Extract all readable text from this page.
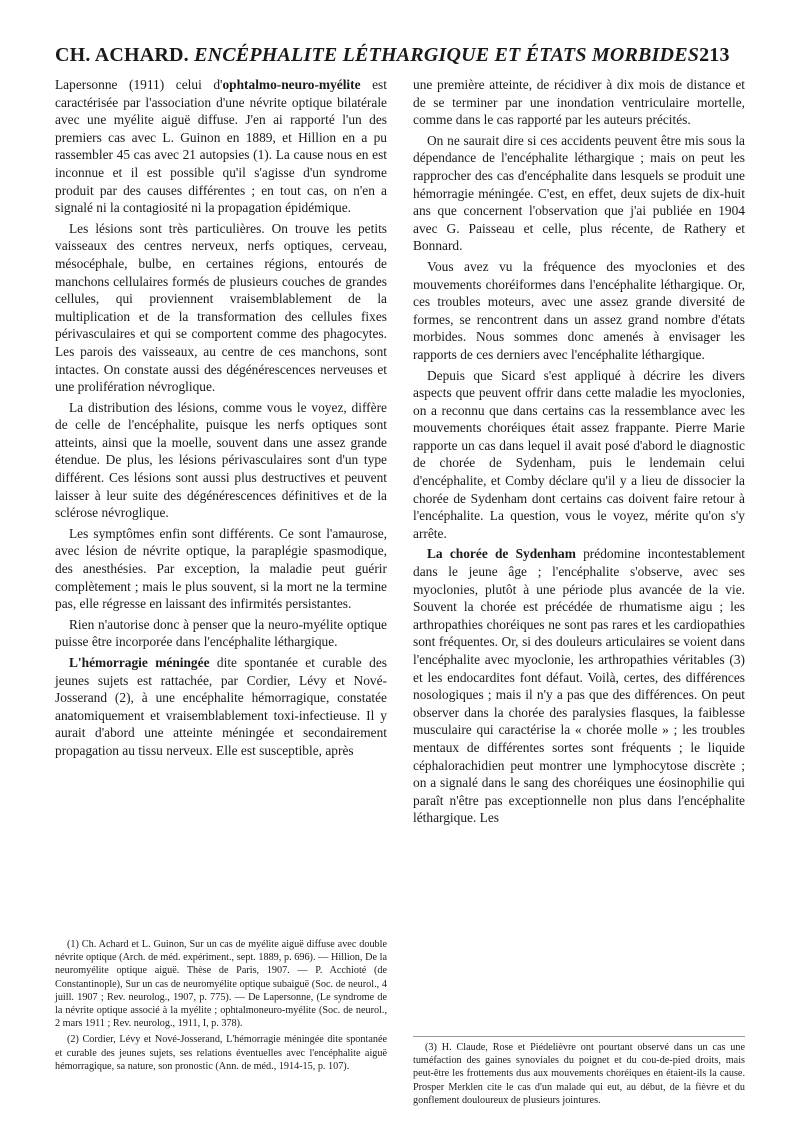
CH. ACHARD. ENCÉPHALITE LÉTHARGIQUE ET ÉTATS MORBIDES213

Lapersonne (1911) celui d'ophtalmo-neuro-myélite est caractérisée par l'association d'une névrite optique bilatérale avec une myélite aiguë diffuse. J'en ai rapporté l'un des premiers cas avec L. Guinon en 1889, et Hillion en a pu rassembler 45 cas avec 21 autopsies (1). La cause nous en est inconnue et il est possible qu'il s'agisse d'un syndrome produit par des causes différentes ; en tout cas, on n'en a signalé ni la contagiosité ni la propagation épidémique.

Les lésions sont très particulières. On trouve les petits vaisseaux des centres nerveux, nerfs optiques, cerveau, mésocéphale, bulbe, en certaines régions, entourés de manchons cellulaires formés de plusieurs couches de grandes cellules, qui proviennent vraisemblablement de la multiplication et de la transformation des cellules fixes périvasculaires et qui se comportent comme des phagocytes. Les parois des vaisseaux, au centre de ces manchons, sont intactes. On constate aussi des dégénérescences nerveuses et une prolifération névroglique.

La distribution des lésions, comme vous le voyez, diffère de celle de l'encéphalite, puisque les nerfs optiques sont atteints, ainsi que la moelle, souvent dans une assez grande étendue. De plus, les lésions périvasculaires sont d'un type différent. Ces lésions sont aussi plus destructives et peuvent laisser à leur suite des dégénérescences définitives et de la sclérose névroglique.

Les symptômes enfin sont différents. Ce sont l'amaurose, avec lésion de névrite optique, la paraplégie spasmodique, des anesthésies. Par exception, la maladie peut guérir complètement ; mais le plus souvent, si la mort ne la termine pas, elle régresse en laissant des infirmités persistantes.

Rien n'autorise donc à penser que la neuro-myélite optique puisse être incorporée dans l'encéphalite léthargique.

L'hémorragie méningée dite spontanée et curable des jeunes sujets est rattachée, par Cordier, Lévy et Nové-Josserand (2), à une encéphalite hémorragique, constatée anatomiquement et vraisemblablement toxi-infectieuse. Il y aurait d'abord une atteinte méningée et secondairement propagation au tissu nerveux. Elle est susceptible, après

(1) Ch. Achard et L. Guinon, Sur un cas de myélite aiguë diffuse avec double névrite optique (Arch. de méd. expériment., sept. 1889, p. 696). — Hillion, De la neuromyélite optique aiguë. Thèse de Paris, 1907. — P. Acchioté (de Constantinople), Sur un cas de neuromyélite optique subaiguë (Soc. de neurol., 4 juill. 1907 ; Rev. neurolog., 1907, p. 775). — De Lapersonne, (Le syndrome de la névrite optique associé à la myélite ; ophtalmoneuro-myélite (Soc. de neurol., 2 mars 1911 ; Rev. neurolog., 1911, I, p. 378).

(2) Cordier, Lévy et Nové-Josserand, L'hémorragie méningée dite spontanée et curable des jeunes sujets, ses relations éventuelles avec l'encéphalite aiguë hémorragique, sa nature, son pronostic (Ann. de méd., 1914-15, p. 107).

une première atteinte, de récidiver à dix mois de distance et de se terminer par une inondation ventriculaire mortelle, comme dans le cas rapporté par les auteurs précités.

On ne saurait dire si ces accidents peuvent être mis sous la dépendance de l'encéphalite léthargique ; mais on peut les rapprocher des cas d'encéphalite dans lesquels se produit une hémorragie méningée. C'est, en effet, deux sujets de dix-huit ans que concernent l'observation que j'ai publiée en 1904 avec G. Paisseau et celle, plus récente, de Rathery et Bonnard.

Vous avez vu la fréquence des myoclonies et des mouvements choréiformes dans l'encéphalite léthargique. Or, ces troubles moteurs, avec une assez grande diversité de formes, se rencontrent dans un assez grand nombre d'états morbides. Nous sommes donc amenés à envisager les rapports de ces derniers avec l'encéphalite léthargique.

Depuis que Sicard s'est appliqué à décrire les divers aspects que peuvent offrir dans cette maladie les myoclonies, on a reconnu que dans certains cas la ressemblance avec les mouvements choréiques était assez frappante. Pierre Marie rapporte un cas dans lequel il avait posé d'abord le diagnostic de chorée de Sydenham, puis le lendemain celui d'encéphalite, et Comby déclare qu'il y a lieu de dissocier la chorée de Sydenham dont certains cas doivent faire retour à l'encéphalite. La question, vous le voyez, mérite qu'on s'y arrête.

La chorée de Sydenham prédomine incontestablement dans le jeune âge ; l'encéphalite s'observe, avec ses myoclonies, plutôt à une période plus avancée de la vie. Souvent la chorée est précédée de rhumatisme aigu ; les arthropathies choréiques ne sont pas rares et les cardiopathies sont fréquentes. Or, si des douleurs articulaires se voient dans l'encéphalite avec myoclonie, les arthropathies véritables (3) et les endocardites font défaut. Voilà, certes, des différences nosologiques ; mais il n'y a pas que des différences. On peut observer dans la chorée des paralysies flasques, la faiblesse musculaire qui caractérise la « chorée molle » ; les troubles mentaux de différentes sortes sont fréquents ; le liquide céphalorachidien peut montrer une lymphocytose discrète ; on a signalé dans le sang des choréiques une éosinophilie qui paraît n'être pas exceptionnelle non plus dans l'encéphalite léthargique. Les

(3) H. Claude, Rose et Piédelièvre ont pourtant observé dans un cas une tuméfaction des gaines synoviales du poignet et du cou-de-pied droits, mais peut-être les frottements dus aux mouvements choréiques en étaient-ils la cause. Prosper Merklen cite le cas d'un malade qui eut, au début, de la fièvre et du gonflement douloureux de plusieurs jointures.
